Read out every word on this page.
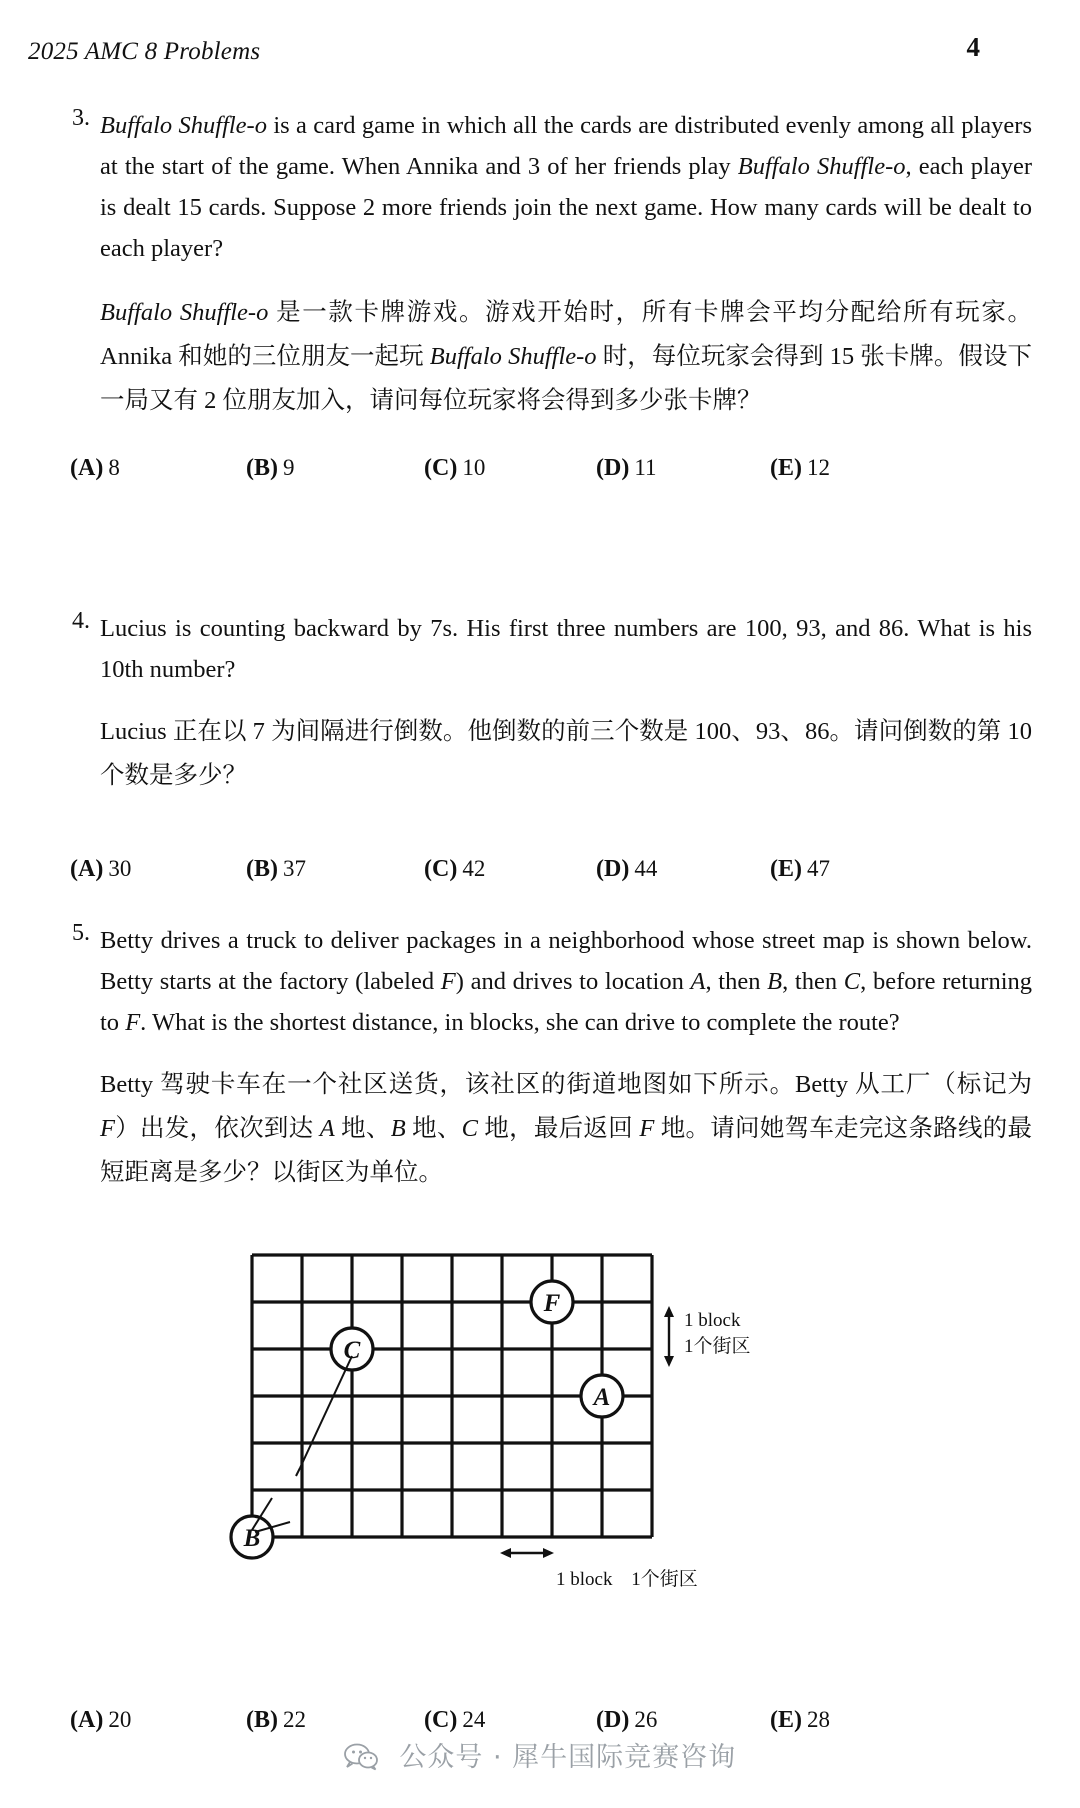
2025 AMC 8 Problems	4
3. Buffalo Shuffle-o is a card game in which all the cards are distributed evenly among all players at the start of the game. When Annika and 3 of her friends play Buffalo Shuffle-o, each player is dealt 15 cards. Suppose 2 more friends join the next game. How many cards will be dealt to each player?

Buffalo Shuffle-o 是一款卡牌游戏。游戏开始时，所有卡牌会平均分配给所有玩家。Annika 和她的三位朋友一起玩 Buffalo Shuffle-o 时，每位玩家会得到 15 张卡牌。假设下一局又有 2 位朋友加入，请问每位玩家将会得到多少张卡牌？

(A) 8	(B) 9	(C) 10	(D) 11	(E) 12
4. Lucius is counting backward by 7s. His first three numbers are 100, 93, and 86. What is his 10th number?

Lucius 正在以 7 为间隔进行倒数。他倒数的前三个数是 100、93、86。请问倒数的第 10 个数是多少？

(A) 30	(B) 37	(C) 42	(D) 44	(E) 47
5. Betty drives a truck to deliver packages in a neighborhood whose street map is shown below. Betty starts at the factory (labeled F) and drives to location A, then B, then C, before returning to F. What is the shortest distance, in blocks, she can drive to complete the route?

Betty 驾驶卡车在一个社区送货，该社区的街道地图如下所示。Betty 从工厂（标记为 F）出发，依次到达 A 地、B 地、C 地，最后返回 F 地。请问她驾车走完这条路线的最短距离是多少？以街区为单位。

F
C
A
B
1 block
1个街区
1 block 1个街区
(A) 20	(B) 22	(C) 24	(D) 26	(E) 28
公众号 · 犀牛国际竞赛咨询
